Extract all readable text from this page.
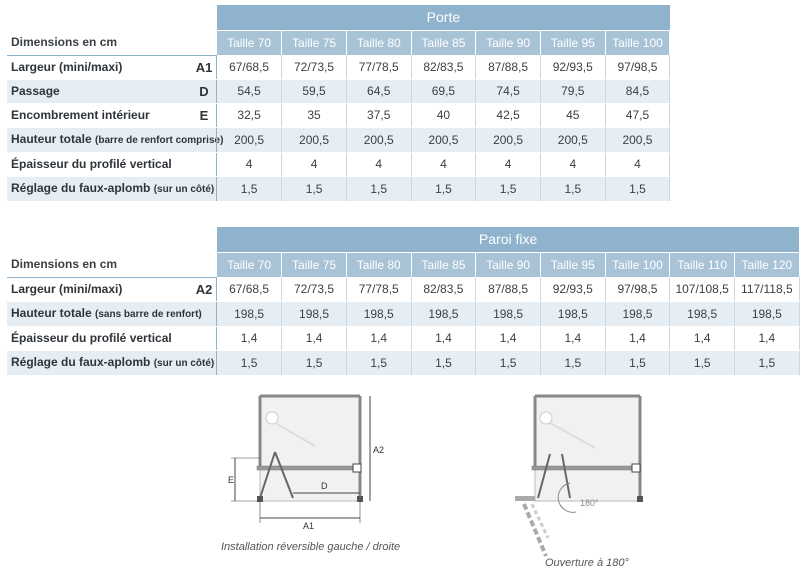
	Porte						
Dimensions en cm	Taille 70	Taille 75	Taille 80	Taille 85	Taille 90	Taille 95	Taille 100

Largeur (mini/maxi) A1	67/68,5	72/73,5	77/78,5	82/83,5	87/88,5	92/93,5	97/98,5

Passage D	54,5	59,5	64,5	69,5	74,5	79,5	84,5

Encombrement intérieur E	32,5	35	37,5	40	42,5	45	47,5

Hauteur totale (barre de renfort comprise)	200,5	200,5	200,5	200,5	200,5	200,5	200,5

Épaisseur du profilé vertical	4	4	4	4	4	4	4

Réglage du faux-aplomb (sur un côté)	1,5	1,5	1,5	1,5	1,5	1,5	1,5
	Paroi fixe								
Dimensions en cm	Taille 70	Taille 75	Taille 80	Taille 85	Taille 90	Taille 95	Taille 100	Taille 110	Taille 120

Largeur (mini/maxi) A2	67/68,5	72/73,5	77/78,5	82/83,5	87/88,5	92/93,5	97/98,5	107/108,5	117/118,5

Hauteur totale (sans barre de renfort)	198,5	198,5	198,5	198,5	198,5	198,5	198,5	198,5	198,5

Épaisseur du profilé vertical	1,4	1,4	1,4	1,4	1,4	1,4	1,4	1,4	1,4

Réglage du faux-aplomb (sur un côté)	1,5	1,5	1,5	1,5	1,5	1,5	1,5	1,5	1,5
E
D
A2
A1
Installation réversible gauche / droite
180°
Ouverture à 180°
